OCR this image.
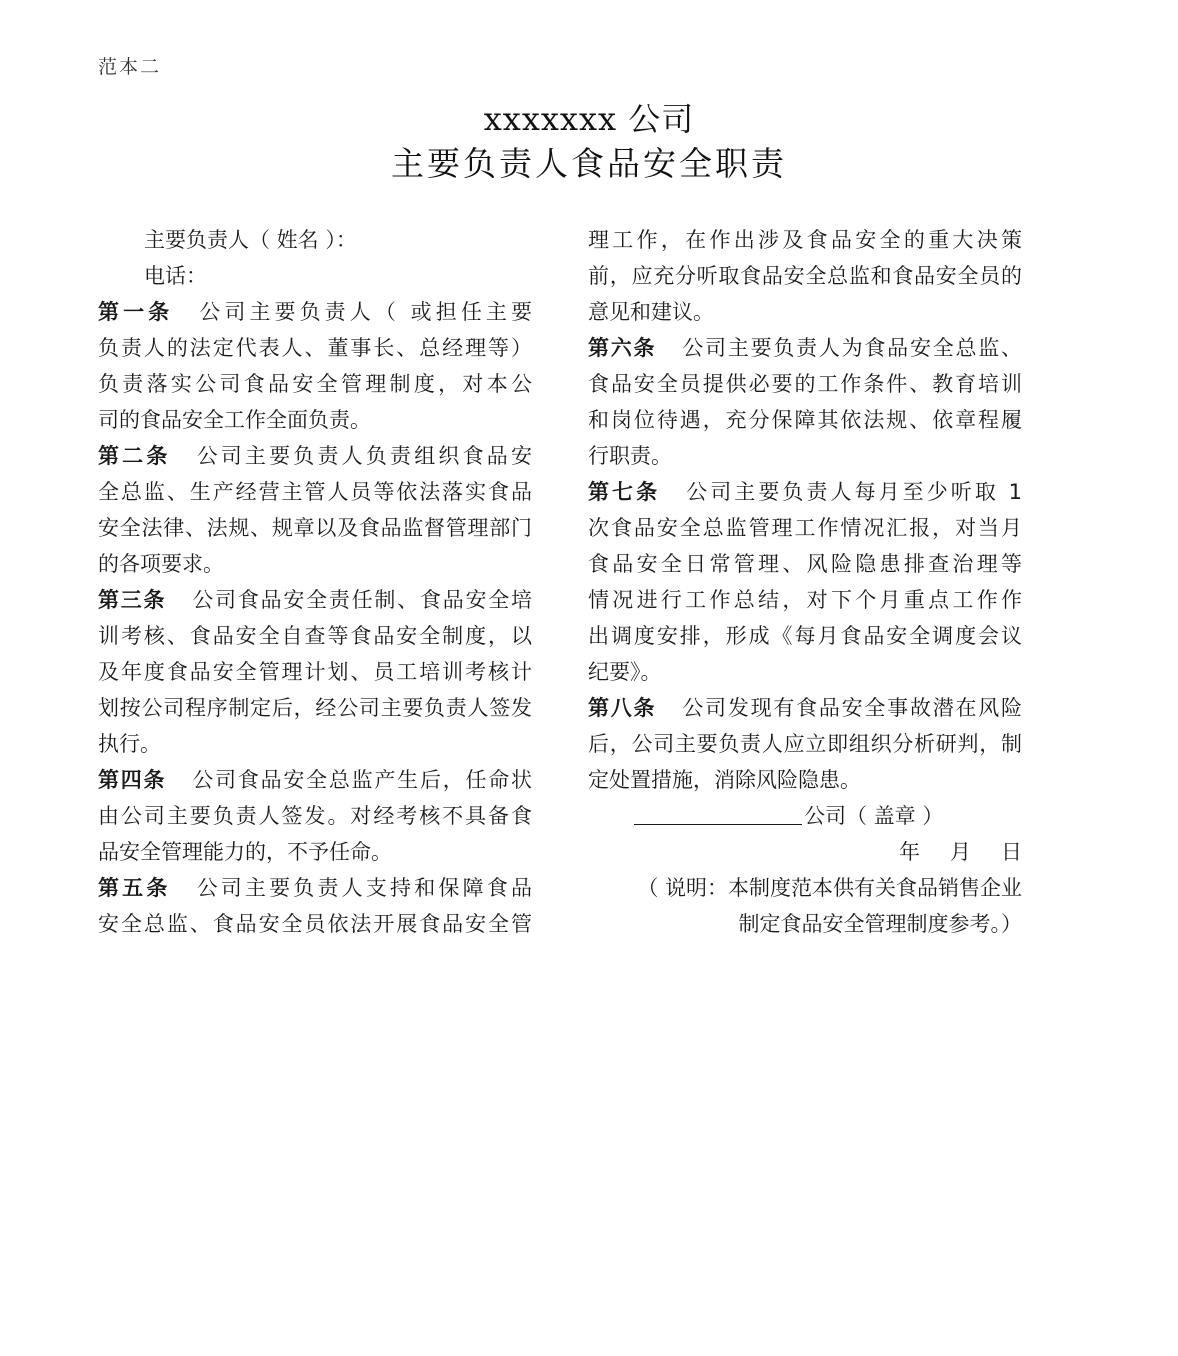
范本二
xxxxxxx 公司
主要负责人食品安全职责
主要负责人（ 姓名 ）：
电话：
第一条 公司主要负责人（ 或担任主要
负责人的法定代表人、董事长、总经理等）
负责落实公司食品安全管理制度，对本公
司的食品安全工作全面负责。
第二条 公司主要负责人负责组织食品安
全总监、生产经营主管人员等依法落实食品
安全法律、法规、规章以及食品监督管理部门
的各项要求。
第三条 公司食品安全责任制、食品安全培
训考核、食品安全自查等食品安全制度，以
及年度食品安全管理计划、员工培训考核计
划按公司程序制定后，经公司主要负责人签发
执行。
第四条 公司食品安全总监产生后，任命状
由公司主要负责人签发。对经考核不具备食
品安全管理能力的，不予任命。
第五条 公司主要负责人支持和保障食品
安全总监、食品安全员依法开展食品安全管
理工作，在作出涉及食品安全的重大决策
前，应充分听取食品安全总监和食品安全员的
意见和建议。
第六条 公司主要负责人为食品安全总监、
食品安全员提供必要的工作条件、教育培训
和岗位待遇，充分保障其依法规、依章程履
行职责。
第七条 公司主要负责人每月至少听取 1
次食品安全总监管理工作情况汇报，对当月
食品安全日常管理、风险隐患排查治理等
情况进行工作总结，对下个月重点工作作
出调度安排，形成《每月食品安全调度会议
纪要》。
第八条 公司发现有食品安全事故潜在风险
后，公司主要负责人应立即组织分析研判，制
定处置措施，消除风险隐患。
公司（ 盖章 ）
年 月 日
（ 说明：本制度范本供有关食品销售企业
制定食品安全管理制度参考。）
